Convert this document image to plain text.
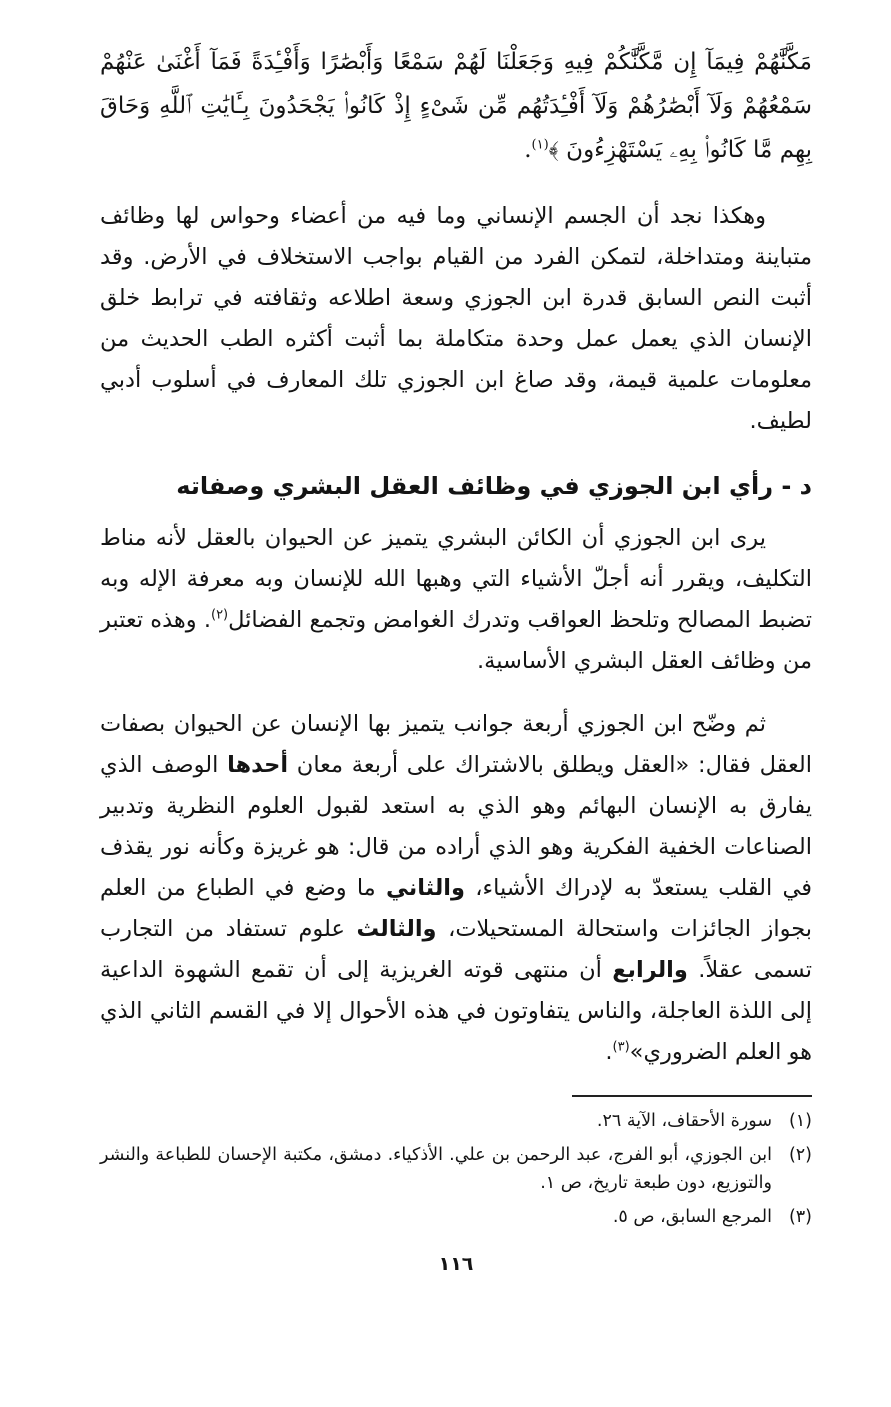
مَكَّنَّٰهُمْ فِيمَآ إِن مَّكَّنَّٰكُمْ فِيهِ وَجَعَلْنَا لَهُمْ سَمْعًا وَأَبْصَٰرًا وَأَفْـِٔدَةً فَمَآ أَغْنَىٰ عَنْهُمْ سَمْعُهُمْ وَلَآ أَبْصَٰرُهُمْ وَلَآ أَفْـِٔدَتُهُم مِّن شَىْءٍ إِذْ كَانُوا۟ يَجْحَدُونَ بِـَٔايَٰتِ ٱللَّهِ وَحَاقَ بِهِم مَّا كَانُوا۟ بِهِۦ يَسْتَهْزِءُونَ ﴾$^{(١)}$.

وهكذا نجد أن الجسم الإنساني وما فيه من أعضاء وحواس لها وظائف متباينة ومتداخلة، لتمكن الفرد من القيام بواجب الاستخلاف في الأرض. وقد أثبت النص السابق قدرة ابن الجوزي وسعة اطلاعه وثقافته في ترابط خلق الإنسان الذي يعمل عمل وحدة متكاملة بما أثبت أكثره الطب الحديث من معلومات علمية قيمة، وقد صاغ ابن الجوزي تلك المعارف في أسلوب أدبي لطيف.

د - رأي ابن الجوزي في وظائف العقل البشري وصفاته

يرى ابن الجوزي أن الكائن البشري يتميز عن الحيوان بالعقل لأنه مناط التكليف، ويقرر أنه أجلّ الأشياء التي وهبها الله للإنسان وبه معرفة الإله وبه تضبط المصالح وتلحظ العواقب وتدرك الغوامض وتجمع الفضائل$^{(٢)}$. وهذه تعتبر من وظائف العقل البشري الأساسية.

ثم وضّح ابن الجوزي أربعة جوانب يتميز بها الإنسان عن الحيوان بصفات العقل فقال: «العقل ويطلق بالاشتراك على أربعة معان أحدها الوصف الذي يفارق به الإنسان البهائم وهو الذي به استعد لقبول العلوم النظرية وتدبير الصناعات الخفية الفكرية وهو الذي أراده من قال: هو غريزة وكأنه نور يقذف في القلب يستعدّ به لإدراك الأشياء، والثاني ما وضع في الطباع من العلم بجواز الجائزات واستحالة المستحيلات، والثالث علوم تستفاد من التجارب تسمى عقلاً. والرابع أن منتهى قوته الغريزية إلى أن تقمع الشهوة الداعية إلى اللذة العاجلة، والناس يتفاوتون في هذه الأحوال إلا في القسم الثاني الذي هو العلم الضروري»$^{(٣)}$.

(١)
سورة الأحقاف، الآية ٢٦.
(٢)
ابن الجوزي، أبو الفرج، عبد الرحمن بن علي. الأذكياء. دمشق، مكتبة الإحسان للطباعة والنشر والتوزيع، دون طبعة تاريخ، ص ١.
(٣)
المرجع السابق، ص ٥.
١١٦
